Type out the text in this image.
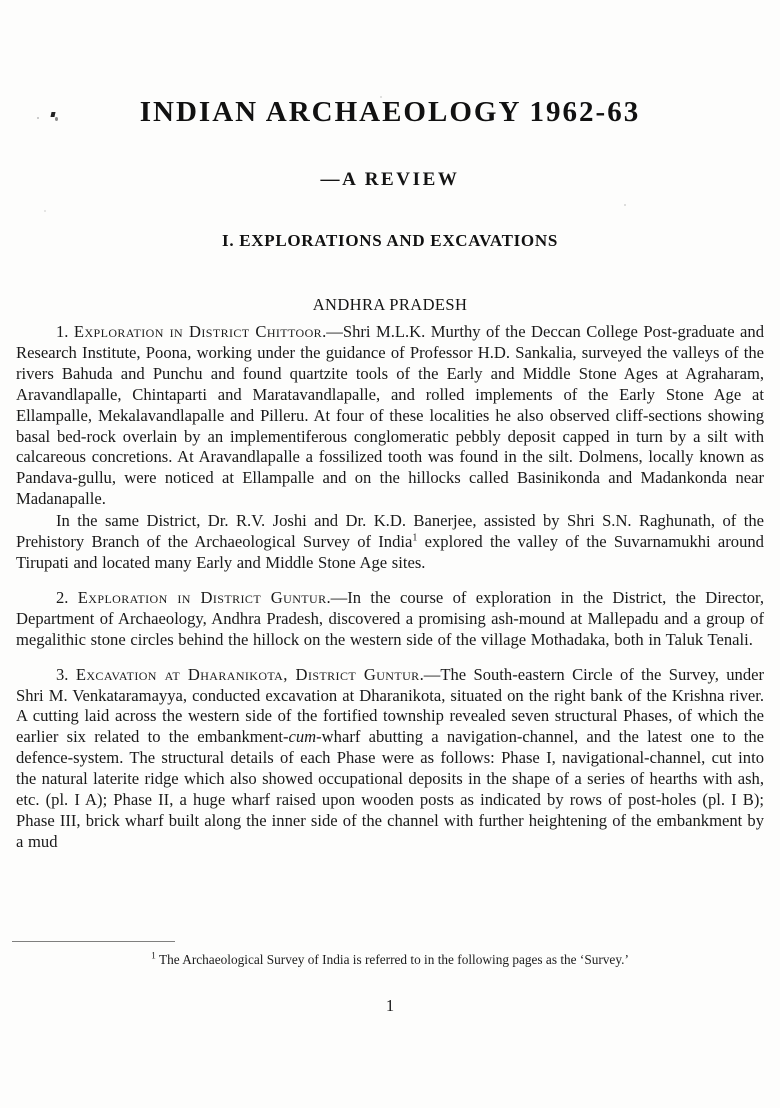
INDIAN ARCHAEOLOGY 1962-63
—A REVIEW
I. EXPLORATIONS AND EXCAVATIONS
ANDHRA PRADESH

1. Exploration in District Chittoor.—Shri M.L.K. Murthy of the Deccan College Post-graduate and Research Institute, Poona, working under the guidance of Professor H.D. Sankalia, surveyed the valleys of the rivers Bahuda and Punchu and found quartzite tools of the Early and Middle Stone Ages at Agraharam, Aravandlapalle, Chintaparti and Maratavandlapalle, and rolled implements of the Early Stone Age at Ellampalle, Mekalavandlapalle and Pilleru. At four of these localities he also observed cliff-sections showing basal bed-rock overlain by an implementiferous conglomeratic pebbly deposit capped in turn by a silt with calcareous concretions. At Aravandlapalle a fossilized tooth was found in the silt. Dolmens, locally known as Pandava-gullu, were noticed at Ellampalle and on the hillocks called Basinikonda and Madankonda near Madanapalle.

In the same District, Dr. R.V. Joshi and Dr. K.D. Banerjee, assisted by Shri S.N. Raghunath, of the Prehistory Branch of the Archaeological Survey of India$^1$ explored the valley of the Suvarnamukhi around Tirupati and located many Early and Middle Stone Age sites.

2. Exploration in District Guntur.—In the course of exploration in the District, the Director, Department of Archaeology, Andhra Pradesh, discovered a promising ash-mound at Mallepadu and a group of megalithic stone circles behind the hillock on the western side of the village Mothadaka, both in Taluk Tenali.

3. Excavation at Dharanikota, District Guntur.—The South-eastern Circle of the Survey, under Shri M. Venkataramayya, conducted excavation at Dharanikota, situated on the right bank of the Krishna river. A cutting laid across the western side of the fortified township revealed seven structural Phases, of which the earlier six related to the embankment-cum-wharf abutting a navigation-channel, and the latest one to the defence-system. The structural details of each Phase were as follows: Phase I, navigational-channel, cut into the natural laterite ridge which also showed occupational deposits in the shape of a series of hearths with ash, etc. (pl. I A); Phase II, a huge wharf raised upon wooden posts as indicated by rows of post-holes (pl. I B); Phase III, brick wharf built along the inner side of the channel with further heightening of the embankment by a mud

$^1$ The Archaeological Survey of India is referred to in the following pages as the ‘Survey.’
1
